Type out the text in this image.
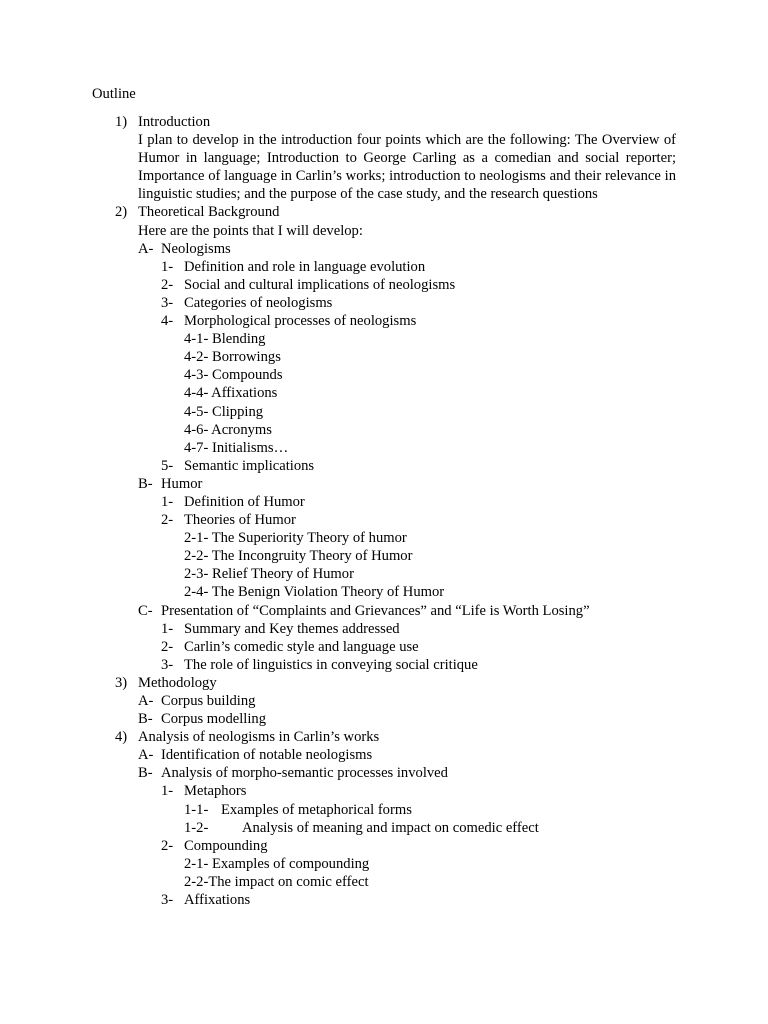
Outline
1) Introduction
I plan to develop in the introduction four points which are the following: The Overview of Humor in language; Introduction to George Carling as a comedian and social reporter; Importance of language in Carlin’s works; introduction to neologisms and their relevance in linguistic studies; and the purpose of the case study, and the research questions
2) Theoretical Background
Here are the points that I will develop:
A- Neologisms
1- Definition and role in language evolution
2- Social and cultural implications of neologisms
3- Categories of neologisms
4- Morphological processes of neologisms
4-1- Blending
4-2- Borrowings
4-3- Compounds
4-4- Affixations
4-5- Clipping
4-6- Acronyms
4-7- Initialisms…
5- Semantic implications
B- Humor
1- Definition of Humor
2- Theories of Humor
2-1- The Superiority Theory of humor
2-2- The Incongruity Theory of Humor
2-3- Relief Theory of Humor
2-4- The Benign Violation Theory of Humor
C- Presentation of “Complaints and Grievances” and “Life is Worth Losing”
1- Summary and Key themes addressed
2- Carlin’s comedic style and language use
3- The role of linguistics in conveying social critique
3) Methodology
A- Corpus building
B- Corpus modelling
4) Analysis of neologisms in Carlin’s works
A- Identification of notable neologisms
B- Analysis of morpho-semantic processes involved
1- Metaphors
1-1- Examples of metaphorical forms
1-2- Analysis of meaning and impact on comedic effect
2- Compounding
2-1- Examples of compounding
2-2-The impact on comic effect
3- Affixations
